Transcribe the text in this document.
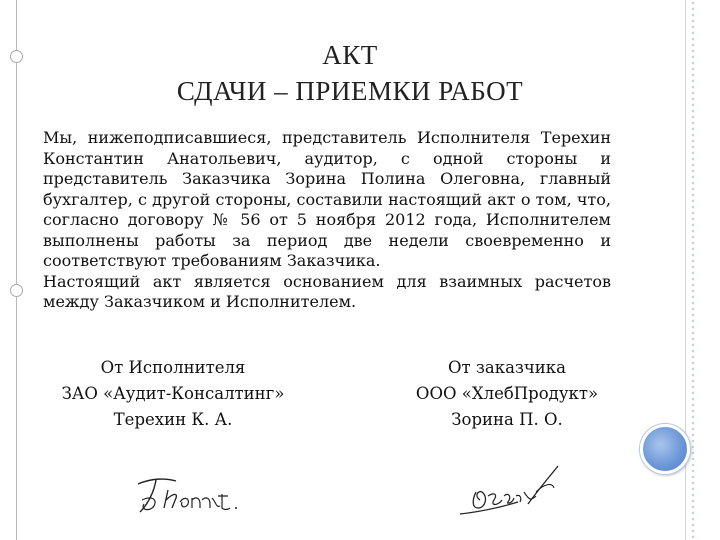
АКТ
СДАЧИ – ПРИЕМКИ РАБОТ

Мы, нижеподписавшиеся, представитель Исполнителя Терехин Константин Анатольевич, аудитор, с одной стороны и представитель Заказчика Зорина Полина Олеговна, главный бухгалтер, с другой стороны, составили настоящий акт о том, что, согласно договору № 56 от 5 ноября 2012 года, Исполнителем выполнены работы за период две недели своевременно и соответствуют требованиям Заказчика.

Настоящий акт является основанием для взаимных расчетов между Заказчиком и Исполнителем.

От Исполнителя
ЗАО «Аудит-Консалтинг»
Терехин К. А.
От заказчика
ООО «ХлебПродукт»
Зорина П. О.
